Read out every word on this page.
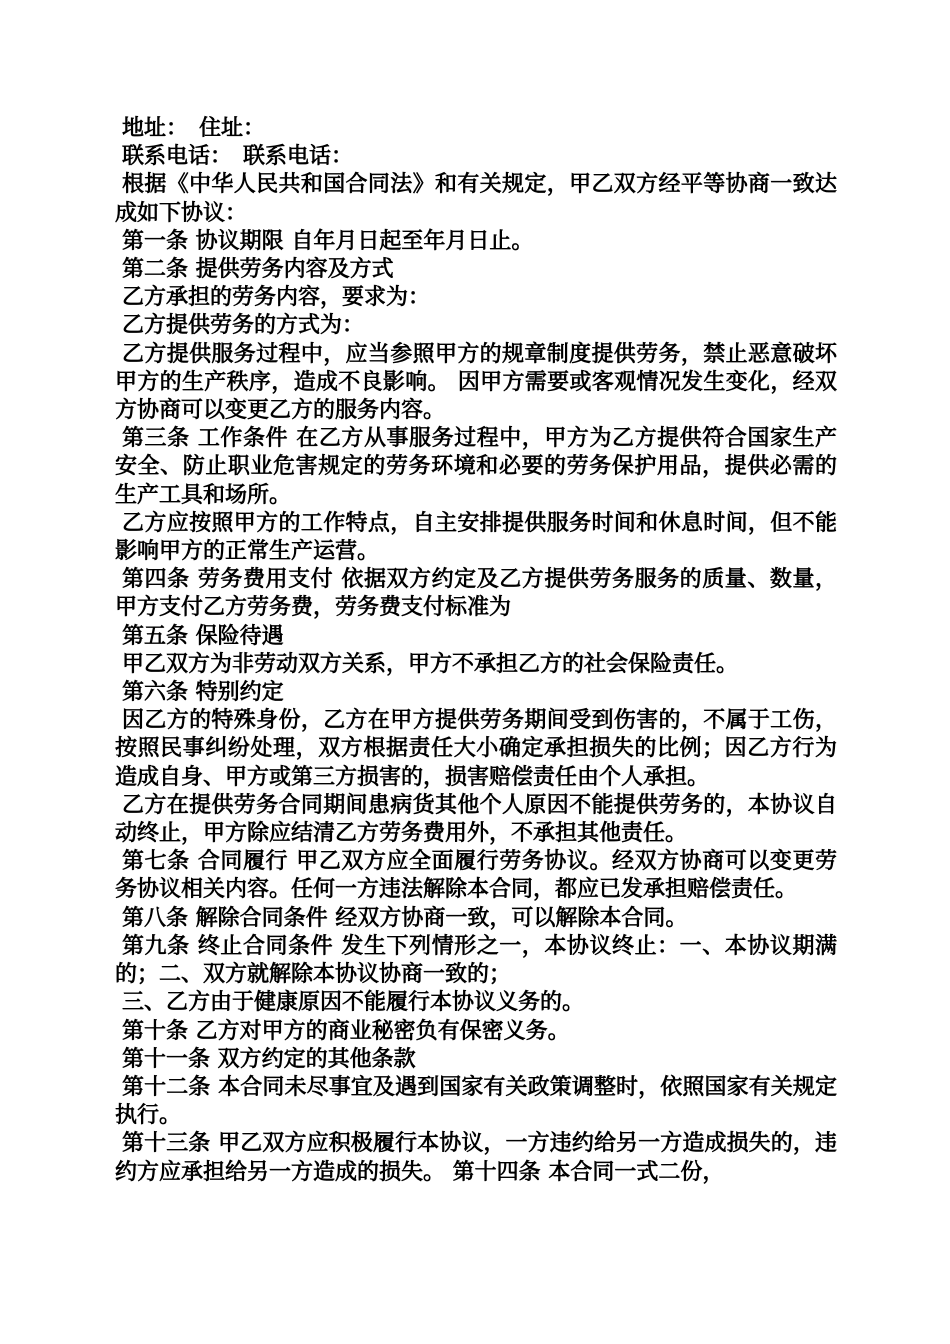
地址：　住址：

联系电话：　联系电话：

根据《中华人民共和国合同法》和有关规定，甲乙双方经平等协商一致达成如下协议：

第一条 协议期限 自年月日起至年月日止。

第二条 提供劳务内容及方式

乙方承担的劳务内容，要求为：

乙方提供劳务的方式为：

乙方提供服务过程中，应当参照甲方的规章制度提供劳务，禁止恶意破坏甲方的生产秩序，造成不良影响。 因甲方需要或客观情况发生变化，经双方协商可以变更乙方的服务内容。

第三条 工作条件 在乙方从事服务过程中，甲方为乙方提供符合国家生产安全、防止职业危害规定的劳务环境和必要的劳务保护用品，提供必需的生产工具和场所。

乙方应按照甲方的工作特点，自主安排提供服务时间和休息时间，但不能影响甲方的正常生产运营。

第四条 劳务费用支付 依据双方约定及乙方提供劳务服务的质量、数量，甲方支付乙方劳务费，劳务费支付标准为

第五条 保险待遇

甲乙双方为非劳动双方关系，甲方不承担乙方的社会保险责任。

第六条 特别约定

因乙方的特殊身份，乙方在甲方提供劳务期间受到伤害的，不属于工伤，按照民事纠纷处理，双方根据责任大小确定承担损失的比例；因乙方行为造成自身、甲方或第三方损害的，损害赔偿责任由个人承担。

乙方在提供劳务合同期间患病货其他个人原因不能提供劳务的，本协议自动终止，甲方除应结清乙方劳务费用外，不承担其他责任。

第七条 合同履行 甲乙双方应全面履行劳务协议。经双方协商可以变更劳务协议相关内容。任何一方违法解除本合同，都应已发承担赔偿责任。

第八条 解除合同条件 经双方协商一致，可以解除本合同。

第九条 终止合同条件 发生下列情形之一，本协议终止：一、本协议期满的；二、双方就解除本协议协商一致的；

三、乙方由于健康原因不能履行本协议义务的。

第十条 乙方对甲方的商业秘密负有保密义务。

第十一条 双方约定的其他条款

第十二条 本合同未尽事宜及遇到国家有关政策调整时，依照国家有关规定执行。

第十三条 甲乙双方应积极履行本协议，一方违约给另一方造成损失的，违约方应承担给另一方造成的损失。 第十四条 本合同一式二份，
